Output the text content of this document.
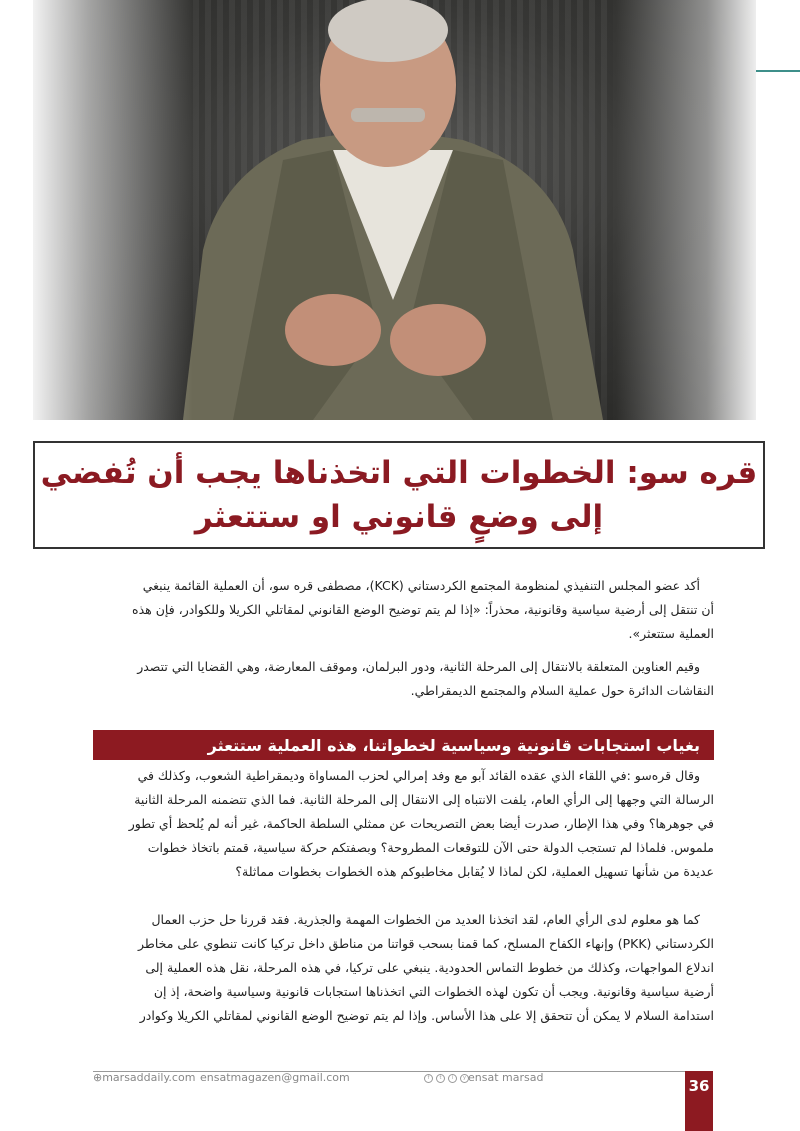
قره سو: الخطوات التي اتخذناها يجب أن تُفضي
إلى وضعٍ قانوني او ستتعثر
أكد عضو المجلس التنفيذي لمنظومة المجتمع الكردستاني (KCK)، مصطفى قره سو، أن العملية القائمة ينبغي
أن تنتقل إلى أرضية سياسية وقانونية، محذراً: «إذا لم يتم توضيح الوضع القانوني لمقاتلي الكريلا وللكوادر، فإن هذه
العملية ستتعثر».
وقيم العناوين المتعلقة بالانتقال إلى المرحلة الثانية، ودور البرلمان، وموقف المعارضة، وهي القضايا التي تتصدر
النقاشات الدائرة حول عملية السلام والمجتمع الديمقراطي.
بغياب استجابات قانونية وسياسية لخطواتنا، هذه العملية ستتعثر
وقال قرەسو :في اللقاء الذي عقده القائد آبو مع وفد إمرالي لحزب المساواة وديمقراطية الشعوب، وكذلك في
الرسالة التي وجهها إلى الرأي العام، يلفت الانتباه إلى الانتقال إلى المرحلة الثانية. فما الذي تتضمنه المرحلة الثانية
في جوهرها؟ وفي هذا الإطار، صدرت أيضا بعض التصريحات عن ممثلي السلطة الحاكمة، غير أنه لم يُلحظ أي تطور
ملموس. فلماذا لم تستجب الدولة حتى الآن للتوقعات المطروحة؟ وبصفتكم حركة سياسية، قمتم باتخاذ خطوات
عديدة من شأنها تسهيل العملية، لكن لماذا لا يُقابل مخاطبوكم هذه الخطوات بخطوات مماثلة؟
كما هو معلوم لدى الرأي العام، لقد اتخذنا العديد من الخطوات المهمة والجذرية. فقد قررنا حل حزب العمال
الكردستاني (PKK) وإنهاء الكفاح المسلح، كما قمنا بسحب قواتنا من مناطق داخل تركيا كانت تنطوي على مخاطر
اندلاع المواجهات، وكذلك من خطوط التماس الحدودية. ينبغي على تركيا، في هذه المرحلة، نقل هذه العملية إلى
أرضية سياسية وقانونية. ويجب أن تكون لهذه الخطوات التي اتخذناها استجابات قانونية وسياسية واضحة، إذ إن
استدامة السلام لا يمكن أن تتحقق إلا على هذا الأساس. وإذا لم يتم توضيح الوضع القانوني لمقاتلي الكريلا وكوادر
⊕marsaddaily.com ensatmagazen@gmail.com	f	t	i	y ensat marsad	36
